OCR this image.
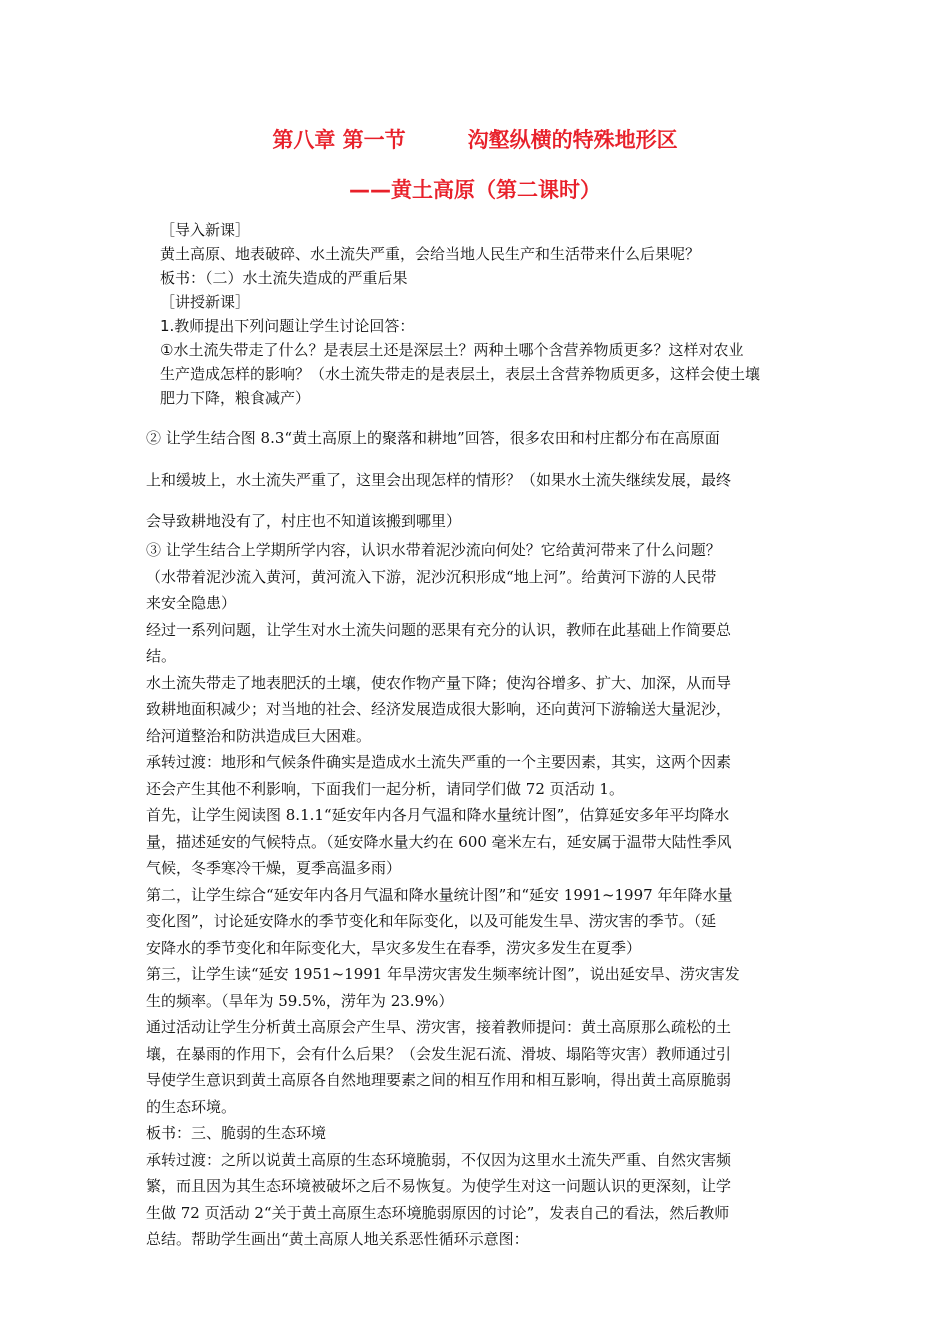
第八章 第一节	沟壑纵横的特殊地形区
——黄土高原（第二课时）

［导入新课］

黄土高原、地表破碎、水土流失严重，会给当地人民生产和生活带来什么后果呢？

板书：（二）水土流失造成的严重后果

［讲授新课］

1.教师提出下列问题让学生讨论回答：

①水土流失带走了什么？是表层土还是深层土？两种土哪个含营养物质更多？这样对农业

生产造成怎样的影响？（水土流失带走的是表层土，表层土含营养物质更多，这样会使土壤

肥力下降，粮食减产）

② 让学生结合图 8.3“黄土高原上的聚落和耕地”回答，很多农田和村庄都分布在高原面

上和缓坡上，水土流失严重了，这里会出现怎样的情形？（如果水土流失继续发展，最终

会导致耕地没有了，村庄也不知道该搬到哪里）

③ 让学生结合上学期所学内容，认识水带着泥沙流向何处？它给黄河带来了什么问题？

（水带着泥沙流入黄河，黄河流入下游，泥沙沉积形成“地上河”。给黄河下游的人民带

来安全隐患）

经过一系列问题，让学生对水土流失问题的恶果有充分的认识，教师在此基础上作简要总

结。

水土流失带走了地表肥沃的土壤，使农作物产量下降；使沟谷增多、扩大、加深，从而导

致耕地面积减少；对当地的社会、经济发展造成很大影响，还向黄河下游输送大量泥沙，

给河道整治和防洪造成巨大困难。

承转过渡：地形和气候条件确实是造成水土流失严重的一个主要因素，其实，这两个因素

还会产生其他不利影响，下面我们一起分析，请同学们做 72 页活动 1。

首先，让学生阅读图 8.1.1“延安年内各月气温和降水量统计图”，估算延安多年平均降水

量，描述延安的气候特点。（延安降水量大约在 600 毫米左右，延安属于温带大陆性季风

气候，冬季寒冷干燥，夏季高温多雨）

第二，让学生综合“延安年内各月气温和降水量统计图”和“延安 1991~1997 年年降水量

变化图”，讨论延安降水的季节变化和年际变化，以及可能发生旱、涝灾害的季节。（延

安降水的季节变化和年际变化大，旱灾多发生在春季，涝灾多发生在夏季）

第三，让学生读“延安 1951~1991 年旱涝灾害发生频率统计图”，说出延安旱、涝灾害发

生的频率。（旱年为 59.5%，涝年为 23.9%）

通过活动让学生分析黄土高原会产生旱、涝灾害，接着教师提问：黄土高原那么疏松的土

壤，在暴雨的作用下，会有什么后果？（会发生泥石流、滑坡、塌陷等灾害）教师通过引

导使学生意识到黄土高原各自然地理要素之间的相互作用和相互影响，得出黄土高原脆弱

的生态环境。

板书：三、脆弱的生态环境

承转过渡：之所以说黄土高原的生态环境脆弱，不仅因为这里水土流失严重、自然灾害频

繁，而且因为其生态环境被破坏之后不易恢复。为使学生对这一问题认识的更深刻，让学

生做 72 页活动 2“关于黄土高原生态环境脆弱原因的讨论”，发表自己的看法，然后教师

总结。帮助学生画出“黄土高原人地关系恶性循环示意图：
